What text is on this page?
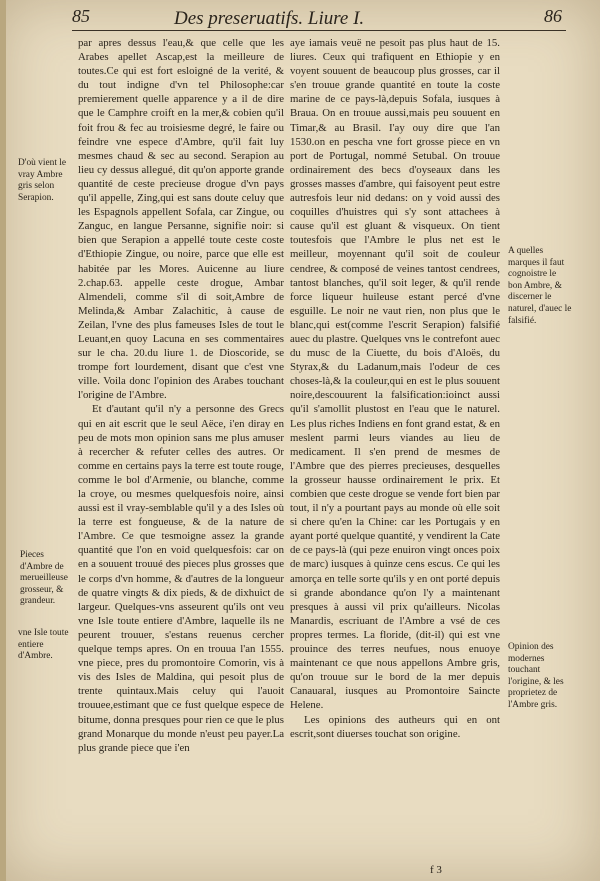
85	Des preseruatifs. Liure I.	86

par apres dessus l'eau,& que celle que les Arabes apellet Ascap,est la meilleure de toutes.Ce qui est fort esloigné de la verité, & du tout indigne d'vn tel Philosophe:car premierement quelle apparence y a il de dire que le Camphre croift en la mer,& cobien qu'il foit frou & fec au troisiesme degré, le faire ou feindre vne espece d'Ambre, qu'il fait luy mesmes chaud & sec au second. Serapion au lieu cy dessus allegué, dit qu'on apporte grande quantité de ceste precieuse drogue d'vn pays qu'il appelle, Zing,qui est sans doute celuy que les Espagnols appellent Sofala, car Zingue, ou Zanguc, en langue Persanne, signifie noir: si bien que Serapion a appellé toute ceste coste d'Ethiopie Zingue, ou noire, parce que elle est habitée par les Mores. Auicenne au liure 2.chap.63. appelle ceste drogue, Ambar Almendeli, comme s'il di soit,Ambre de Melinda,& Ambar Zalachitic, à cause de Zeilan, l'vne des plus fameuses Isles de tout le Leuant,en quoy Lacuna en ses commentaires sur le cha. 20.du liure 1. de Dioscoride, se trompe fort lourdement, disant que c'est vne ville. Voila donc l'opinion des Arabes touchant l'origine de l'Ambre.

Et d'autant qu'il n'y a personne des Grecs qui en ait escrit que le seul Aëce, i'en diray en peu de mots mon opinion sans me plus amuser à recercher & refuter celles des autres. Or comme en certains pays la terre est toute rouge, comme le bol d'Armenie, ou blanche, comme la croye, ou mesmes quelquesfois noire, ainsi aussi est il vray-semblable qu'il y a des Isles où la terre est fongueuse, & de la nature de l'Ambre. Ce que tesmoigne assez la grande quantité que l'on en void quelquesfois: car on en a souuent trouué des pieces plus grosses que le corps d'vn homme, & d'autres de la longueur de quatre vingts & dix pieds, & de dixhuict de largeur. Quelques-vns asseurent qu'ils ont veu vne Isle toute entiere d'Ambre, laquelle ils ne peurent trouuer, s'estans reuenus cercher quelque temps apres. On en trouua l'an 1555. vne piece, pres du promontoire Comorin, vis à vis des Isles de Maldina, qui pesoit plus de trente quintaux.Mais celuy qui l'auoit trouuee,estimant que ce fust quelque espece de bitume, donna presques pour rien ce que le plus grand Monarque du monde n'eust peu payer.La plus grande piece que i'en

aye iamais veuë ne pesoit pas plus haut de 15. liures. Ceux qui trafiquent en Ethiopie y en voyent souuent de beaucoup plus grosses, car il s'en trouue grande quantité en toute la coste marine de ce pays-là,depuis Sofala, iusques à Braua. On en trouue aussi,mais peu souuent en Timar,& au Brasil. I'ay ouy dire que l'an 1530.on en pescha vne fort grosse piece en vn port de Portugal, nommé Setubal. On trouue ordinairement des becs d'oyseaux dans les grosses masses d'ambre, qui faisoyent peut estre autresfois leur nid dedans: on y void aussi des coquilles d'huistres qui s'y sont attachees à cause qu'il est gluant & visqueux. On tient toutesfois que l'Ambre le plus net est le meilleur, moyennant qu'il soit de couleur cendree, & composé de veines tantost cendrees, tantost blanches, qu'il soit leger, & qu'il rende force liqueur huileuse estant percé d'vne esguille. Le noir ne vaut rien, non plus que le blanc,qui est(comme l'escrit Serapion) falsifié auec du plastre. Quelques vns le contrefont auec du musc de la Ciuette, du bois d'Aloës, du Styrax,& du Ladanum,mais l'odeur de ces choses-là,& la couleur,qui en est le plus souuent noire,descouurent la falsification:ioinct aussi qu'il s'amollit plustost en l'eau que le naturel. Les plus riches Indiens en font grand estat, & en meslent parmi leurs viandes au lieu de medicament. Il s'en prend de mesmes de l'Ambre que des pierres precieuses, desquelles la grosseur hausse ordinairement le prix. Et combien que ceste drogue se vende fort bien par tout, il n'y a pourtant pays au monde où elle soit si chere qu'en la Chine: car les Portugais y en ayant porté quelque quantité, y vendirent la Cate de ce pays-là (qui peze enuiron vingt onces poix de marc) iusques à quinze cens escus. Ce qui les amorça en telle sorte qu'ils y en ont porté depuis si grande abondance qu'on l'y a maintenant presques à aussi vil prix qu'ailleurs. Nicolas Manardis, escriuant de l'Ambre a vsé de ces propres termes. La floride, (dit-il) qui est vne prouince des terres neufues, nous enuoye maintenant ce que nous appellons Ambre gris, qu'on trouue sur le bord de la mer depuis Canauaral, iusques au Promontoire Saincte Helene.

Les opinions des autheurs qui en ont escrit,sont diuerses touchat son origine.

D'où vient le vray Ambre gris selon Serapion.
Pieces d'Ambre de merueilleuse grosseur, & grandeur.
vne Isle toute entiere d'Ambre.
A quelles marques il faut cognoistre le bon Ambre, & discerner le naturel, d'auec le falsifié.
Opinion des modernes touchant l'origine, & les proprietez de l'Ambre gris.
f 3
